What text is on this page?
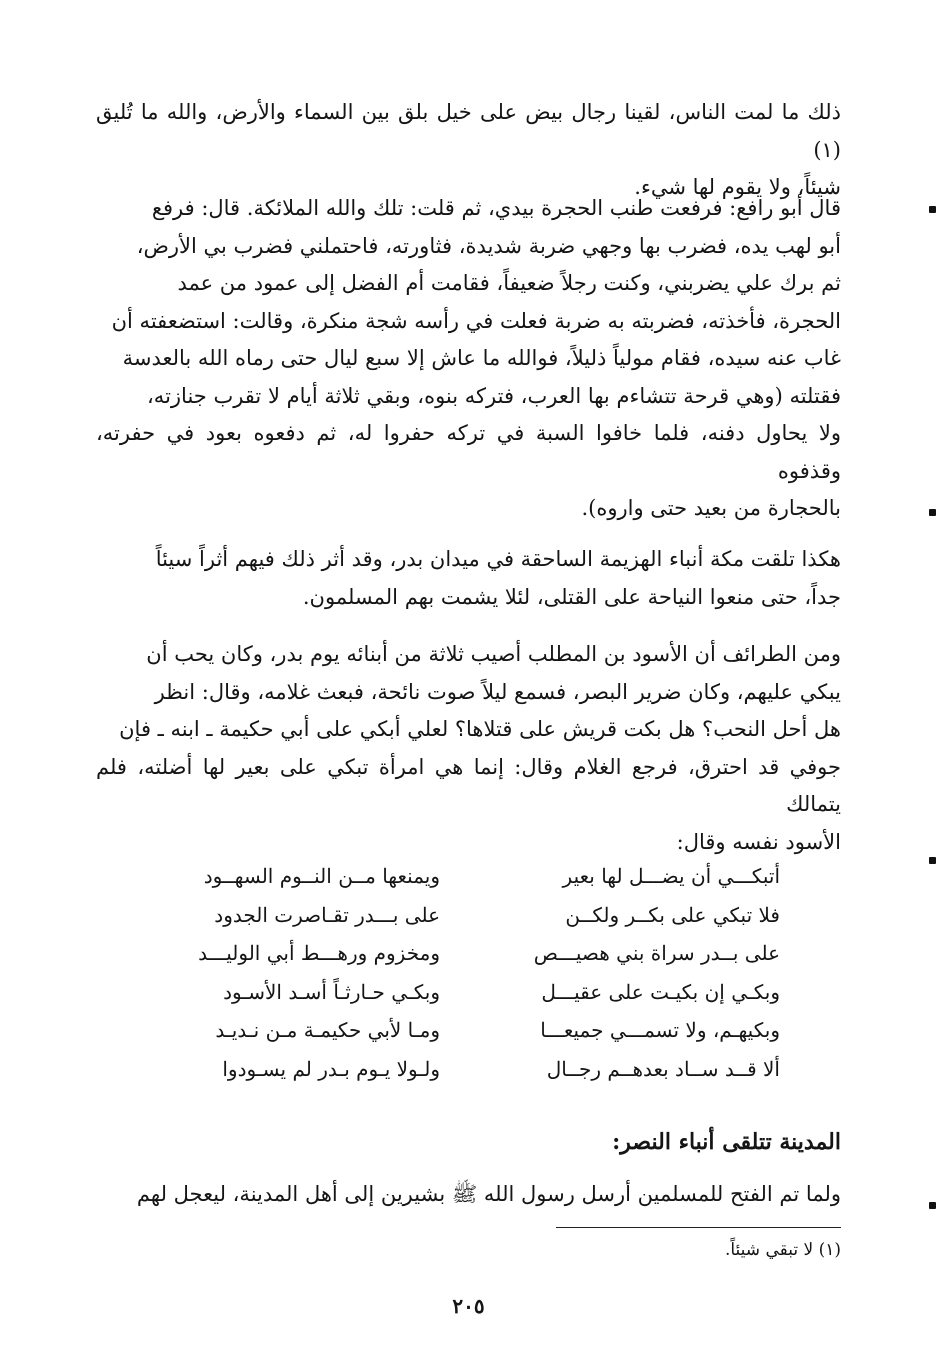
ذلك ما لمت الناس، لقينا رجال بيض على خيل بلق بين السماء والأرض، والله ما تُليق (١)

شيئاً، ولا يقوم لها شيء.

قال أبو رافع: فرفعت طنب الحجرة بيدي، ثم قلت: تلك والله الملائكة. قال: فرفع

أبو لهب يده، فضرب بها وجهي ضربة شديدة، فثاورته، فاحتملني فضرب بي الأرض،

ثم برك علي يضربني، وكنت رجلاً ضعيفاً، فقامت أم الفضل إلى عمود من عمد

الحجرة، فأخذته، فضربته به ضربة فعلت في رأسه شجة منكرة، وقالت: استضعفته أن

غاب عنه سيده، فقام مولياً ذليلاً، فوالله ما عاش إلا سبع ليال حتى رماه الله بالعدسة

فقتلته (وهي قرحة تتشاءم بها العرب، فتركه بنوه، وبقي ثلاثة أيام لا تقرب جنازته،

ولا يحاول دفنه، فلما خافوا السبة في تركه حفروا له، ثم دفعوه بعود في حفرته، وقذفوه

بالحجارة من بعيد حتى واروه).

هكذا تلقت مكة أنباء الهزيمة الساحقة في ميدان بدر، وقد أثر ذلك فيهم أثراً سيئاً

جداً، حتى منعوا النياحة على القتلى، لئلا يشمت بهم المسلمون.

ومن الطرائف أن الأسود بن المطلب أصيب ثلاثة من أبنائه يوم بدر، وكان يحب أن

يبكي عليهم، وكان ضرير البصر، فسمع ليلاً صوت نائحة، فبعث غلامه، وقال: انظر

هل أحل النحب؟ هل بكت قريش على قتلاها؟ لعلي أبكي على أبي حكيمة ـ ابنه ـ فإن

جوفي قد احترق، فرجع الغلام وقال: إنما هي امرأة تبكي على بعير لها أضلته، فلم يتمالك

الأسود نفسه وقال:

أتبكـــي أن يضـــل لها بعير
ويمنعها مــن النــوم السهــود
فلا تبكي على بكــر ولكــن
على بـــدر تقـاصرت الجدود
على بــدر سراة بني هصيـــص
ومخزوم ورهـــط أبي الوليـــد
وبكـي إن بكيـت على عقيـــل
وبكـي حـارثـاً أسـد الأسـود
وبكيهـم، ولا تسمـــي جميعـــا
ومـا لأبي حكيمـة مـن نـديـد
ألا قــد ســاد بعدهــم رجــال
ولـولا يـوم بـدر لم يسـودوا
المدينة تتلقى أنباء النصر:
ولما تم الفتح للمسلمين أرسل رسول الله ﷺ بشيرين إلى أهل المدينة، ليعجل لهم
(١) لا تبقي شيئاً.
٢٠٥
